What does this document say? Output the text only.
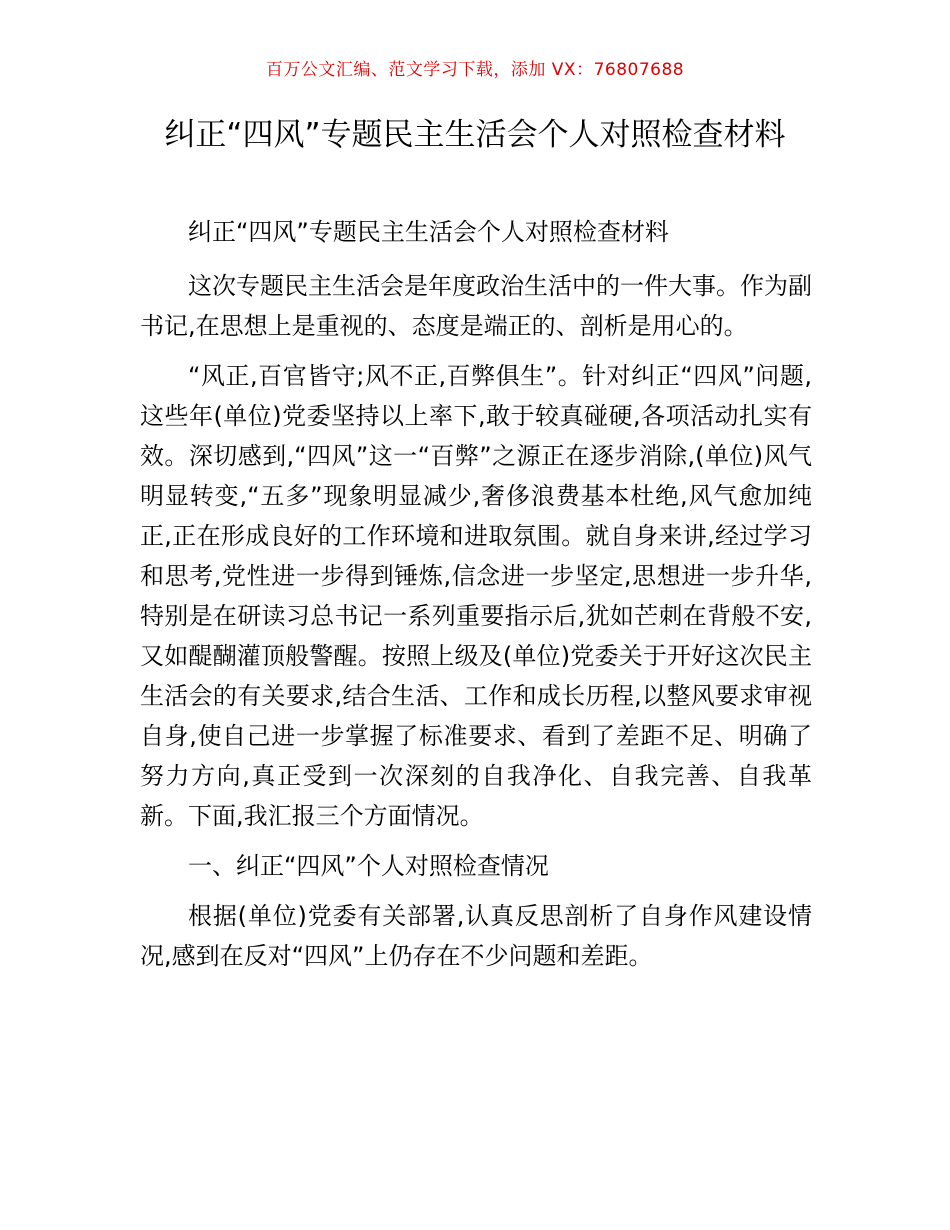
百万公文汇编、范文学习下载，添加 VX：76807688
纠正“四风”专题民主生活会个人对照检查材料

纠正“四风”专题民主生活会个人对照检查材料

这次专题民主生活会是年度政治生活中的一件大事。作为副书记,在思想上是重视的、态度是端正的、剖析是用心的。

“风正,百官皆守;风不正,百弊俱生”。针对纠正“四风”问题,这些年(单位)党委坚持以上率下,敢于较真碰硬,各项活动扎实有效。深切感到,“四风”这一“百弊”之源正在逐步消除,(单位)风气明显转变,“五多”现象明显减少,奢侈浪费基本杜绝,风气愈加纯正,正在形成良好的工作环境和进取氛围。就自身来讲,经过学习和思考,党性进一步得到锤炼,信念进一步坚定,思想进一步升华,特别是在研读习总书记一系列重要指示后,犹如芒刺在背般不安,又如醍醐灌顶般警醒。按照上级及(单位)党委关于开好这次民主生活会的有关要求,结合生活、工作和成长历程,以整风要求审视自身,使自己进一步掌握了标准要求、看到了差距不足、明确了努力方向,真正受到一次深刻的自我净化、自我完善、自我革新。下面,我汇报三个方面情况。

一、纠正“四风”个人对照检查情况

根据(单位)党委有关部署,认真反思剖析了自身作风建设情况,感到在反对“四风”上仍存在不少问题和差距。
